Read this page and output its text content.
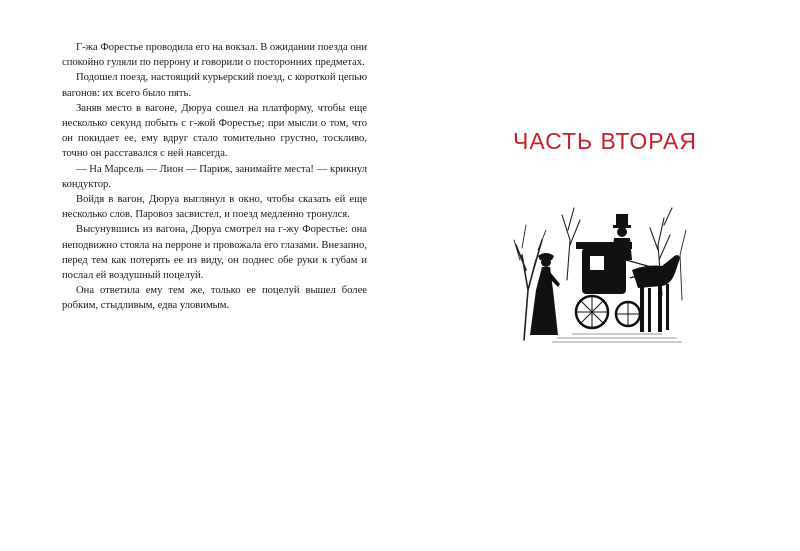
Г-жа Форестье проводила его на вокзал. В ожидании поезда они спокойно гуляли по перрону и говорили о посторонних предметах.

Подошел поезд, настоящий курьерский поезд, с короткой цепью вагонов: их всего было пять.

Заняв место в вагоне, Дюруа сошел на платформу, чтобы еще несколько секунд побыть с г-жой Форестье; при мысли о том, что он покидает ее, ему вдруг стало томительно грустно, тоскливо, точно он расставался с ней навсегда.

— На Марсель — Лион — Париж, занимайте места! — крикнул кондуктор.

Войдя в вагон, Дюруа выглянул в окно, чтобы сказать ей еще несколько слов. Паровоз засвистел, и поезд медленно тронулся.

Высунувшись из вагона, Дюруа смотрел на г-жу Форестье: она неподвижно стояла на перроне и провожала его глазами. Внезапно, перед тем как потерять ее из виду, он поднес обе руки к губам и послал ей воздушный поцелуй.

Она ответила ему тем же, только ее поцелуй вышел более робким, стыдливым, едва уловимым.

ЧАСТЬ ВТОРАЯ
